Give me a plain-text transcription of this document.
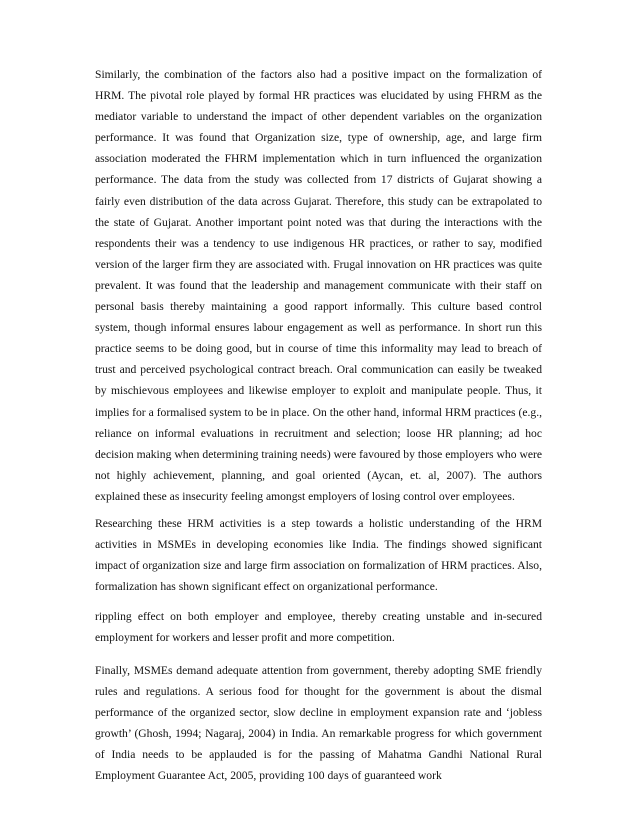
Similarly, the combination of the factors also had a positive impact on the formalization of HRM. The pivotal role played by formal HR practices was elucidated by using FHRM as the mediator variable to understand the impact of other dependent variables on the organization performance. It was found that Organization size, type of ownership, age, and large firm association moderated the FHRM implementation which in turn influenced the organization performance. The data from the study was collected from 17 districts of Gujarat showing a fairly even distribution of the data across Gujarat. Therefore, this study can be extrapolated to the state of Gujarat. Another important point noted was that during the interactions with the respondents their was a tendency to use indigenous HR practices, or rather to say, modified version of the larger firm they are associated with. Frugal innovation on HR practices was quite prevalent. It was found that the leadership and management communicate with their staff on personal basis thereby maintaining a good rapport informally. This culture based control system, though informal ensures labour engagement as well as performance. In short run this practice seems to be doing good, but in course of time this informality may lead to breach of trust and perceived psychological contract breach. Oral communication can easily be tweaked by mischievous employees and likewise employer to exploit and manipulate people. Thus, it implies for a formalised system to be in place. On the other hand, informal HRM practices (e.g., reliance on informal evaluations in recruitment and selection; loose HR planning; ad hoc decision making when determining training needs) were favoured by those employers who were not highly achievement, planning, and goal oriented (Aycan, et. al, 2007). The authors explained these as insecurity feeling amongst employers of losing control over employees.

Researching these HRM activities is a step towards a holistic understanding of the HRM activities in MSMEs in developing economies like India. The findings showed significant impact of organization size and large firm association on formalization of HRM practices. Also, formalization has shown significant effect on organizational performance.

rippling effect on both employer and employee, thereby creating unstable and in-secured employment for workers and lesser profit and more competition.

Finally, MSMEs demand adequate attention from government, thereby adopting SME friendly rules and regulations. A serious food for thought for the government is about the dismal performance of the organized sector, slow decline in employment expansion rate and ‘jobless growth’ (Ghosh, 1994; Nagaraj, 2004) in India. An remarkable progress for which government of India needs to be applauded is for the passing of Mahatma Gandhi National Rural Employment Guarantee Act, 2005, providing 100 days of guaranteed work
